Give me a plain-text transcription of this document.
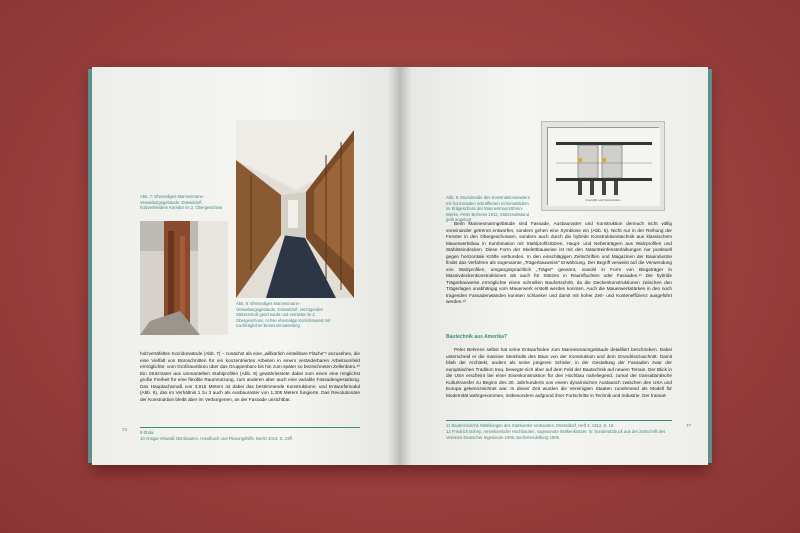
Abb. 7: Ehemaliges Mannesmann-Verwaltungsgebäude, Düsseldorf, holzverkleidete Korridor im 2. Obergeschoss
Abb. 8: Ehemaliges Mannesmann-Verwaltungsgebäude, Düsseldorf, verzogender Stützenstoß geschraubt und vernietet im 2. Obergeschoss, Achse ehemalige Korridorwand mit nachträglicher Betonummantelung

holzvertäfelten Korridorwände (Abb. 7) – zunächst als eine „willkürlich einteilbare Fläche“⁹ anzusehen, die eine Vielfalt von Büroschnitten für ein konzentriertes Arbeiten in einem veränderbaren Arbeitsumfeld ermöglichte: vom Großraumbüro über das Gruppenbüro bis hin zum später so bezeichneten Zellenbüro.¹⁰ Ein Stützraster aus ummantelten Stahlprofilen (Abb. 8) gewährleistete dabei zum einen eine möglichst große Freiheit für eine flexible Raumnutzung, zum anderen aber auch eine variable Fassadengestaltung. Das Hauptachsmaß von 3,915 Metern ist dabei das bestimmende Konstruktions- und Entwurfsmodul (Abb. 9), das im Verhältnis 1 zu 3 auch als Ausbauraster von 1,305 Metern fungierte. Das Revolutionäre der Konstruktion bleibt aber im Verborgenen, an der Fassade unsichtbar.

74
9 Ebda.
10 Ansgar Oswald: Bürobauten. Handbuch und Planungshilfe, Berlin 2013, S. 23ff.
Abb. 9: Modulmaße des Konstruktionsrasters mit horizontalen schraffierten Schemabildern im Erdgeschoss der Mannesmannröhren-Werke, Peter Behrens 1912, Stützenabstand gelb angelegt
Grundriß und Konstruktion

Beim Mannesmanngebäude sind Fassade, Ausbauraster und Konstruktion dennoch nicht völlig voneinander getrennt entworfen, sondern gehen eine Symbiose ein (Abb. 5). Nicht nur in der Reihung der Fenster in den Obergeschossen, sondern auch durch die hybride Konstruktionstechnik aus klassischem Mauerwerksbau in Kombination mit Stahlprofilstützen, Haupt- und Nebenträgern aus Walzprofilen und Stahlsteindecken. Diese Form der Skelettbauweise ist mit den Natursteinfensterlaibungen nur punktuell gegen horizontale Kräfte verbunden. In den einschlägigen Zeitschriften und Magazinen der Bauindustrie findet das Verfahren als sogenannte „Trägerbauweise“ Erwähnung. Der Begriff verweist auf die Verwendung von Walzprofilen, umgangssprachlich „Träger“ genannt, sowohl in Form von Biegeträger in Massivdeckenkonstruktionen als auch für Stützen in Raumfluchten oder Fassaden.¹¹ Die hybride Trägerbauweise ermöglichte einen schnellen Baufortschritt, da die Deckenkonstruktionen zwischen den Trägerlagen unabhängig vom Mauerwerk erstellt werden konnten. Auch die Mauerwerkstärken in den noch tragenden Fassadenwänden konnten schlanker und damit mit hoher Zeit- und Kosteneffizienz ausgeführt werden.¹²

Bautechnik aus Amerika?

Peter Behrens selbst hat seine Entwurfsidee zum Mannesmanngebäude detailliert beschrieben. Dabei unterscheid er die massive Steinhülle des Baus von der Konstruktion und dem Grundrisszuschnitt. Damit blieb der Architekt, anders als seine jüngeren Schüler, in der Gestaltung der Fassaden zwar der europäischen Tradition treu, bewegte sich aber auf dem Feld der Bautechnik auf neuem Terrain. Der Blick in die USA erscheint bei einer Eisenkonstruktion für den Hochbau naheliegend, zumal der transatlantische Kulturtransfer zu Beginn des 20. Jahrhunderts von einem dynamischen Austausch zwischen den USA und Europa gekennzeichnet war. In dieser Zeit wurden die Vereinigten Staaten zunehmend als Modell für Modernität wahrgenommen, insbesondere aufgrund ihrer Fortschritte in Technik und Industrie. Der transat-

11 Bautechnische Mitteilungen des Stahlwerks-Verbandes, Düsseldorf, Heft 2, 1912, S. 18.
12 Friedrich Bohny: Amerikanische Hochbauten, sogenannte Wolkenkratzer. In: Sonderabdruck aus der Zeitschrift des Vereines Deutscher Ingenieure 1908, Berlin/Heidelberg 1906.
77
